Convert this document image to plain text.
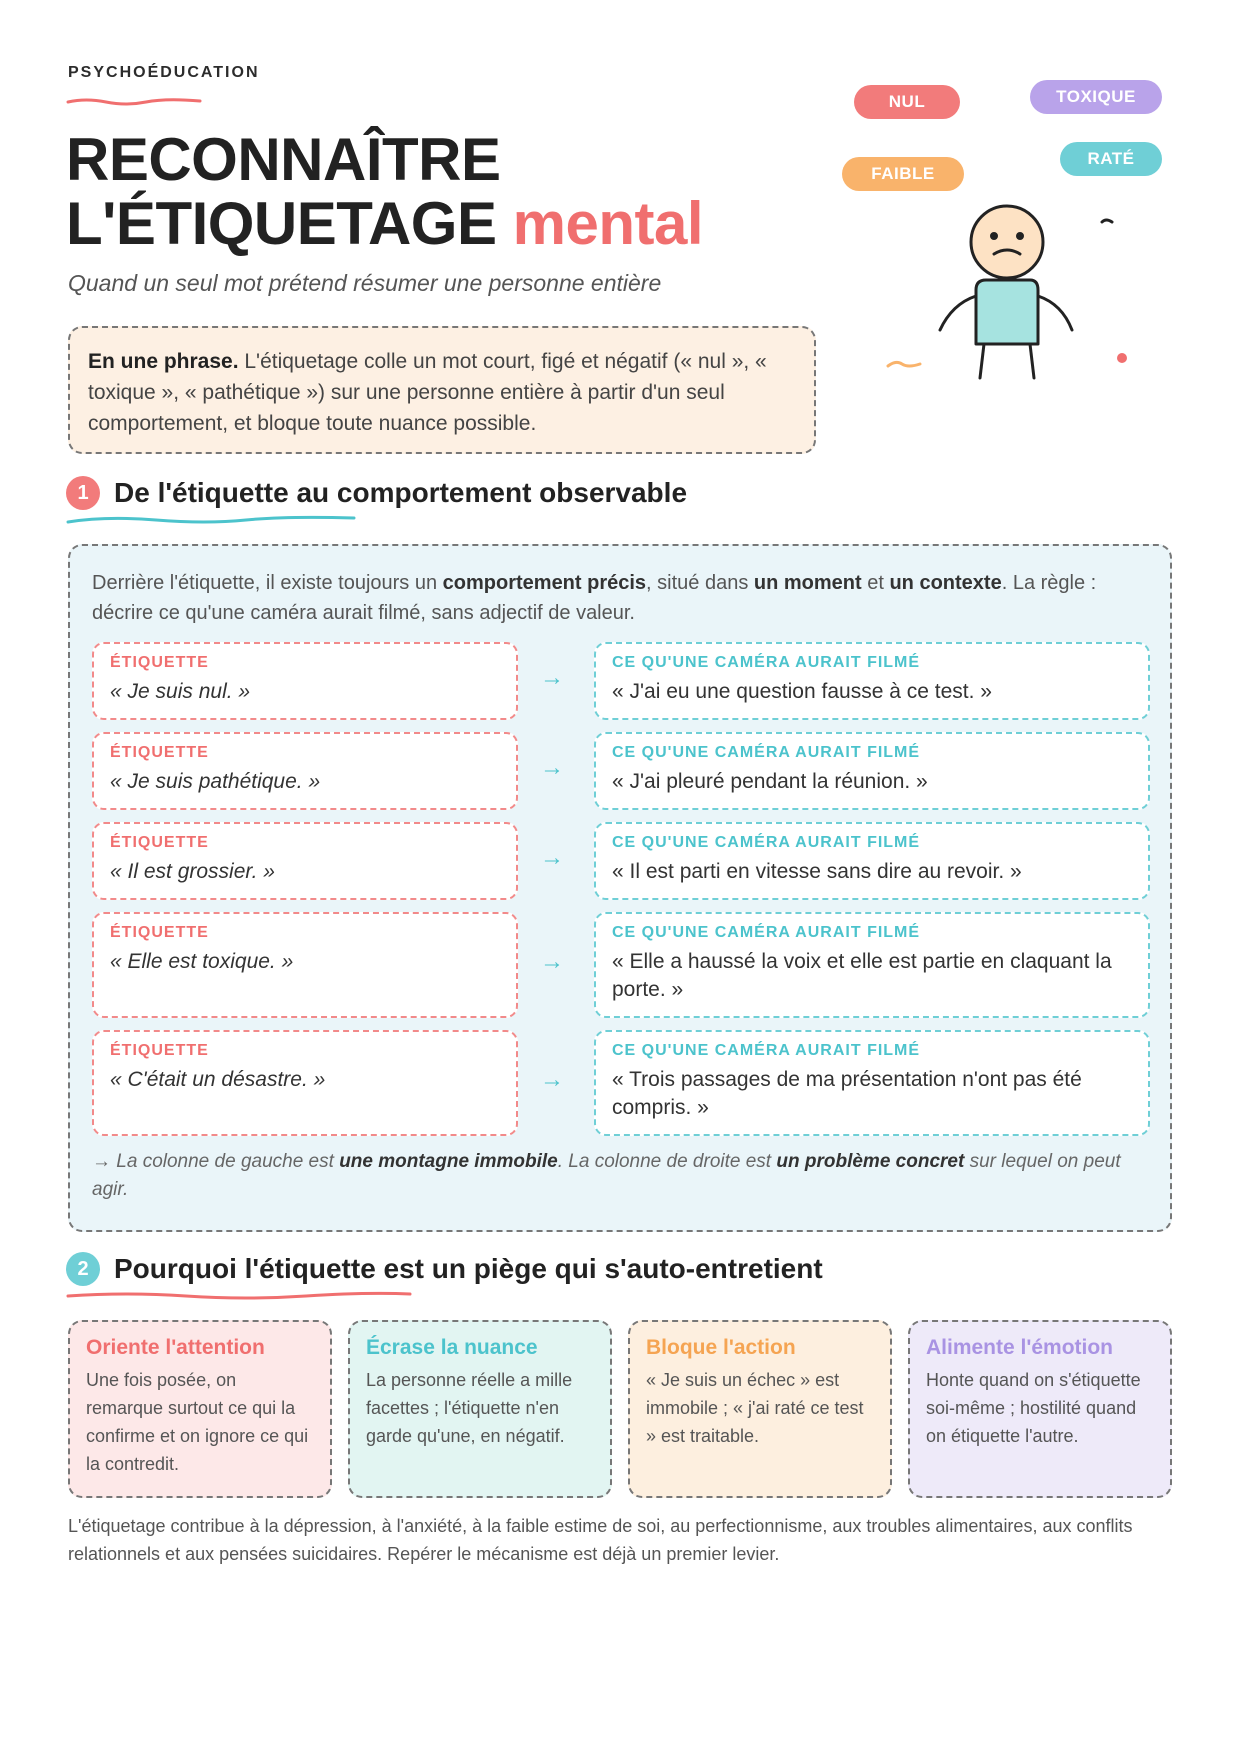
PSYCHOÉDUCATION
RECONNAÎTRE
L'ÉTIQUETAGE mental
Quand un seul mot prétend résumer une personne entière
En une phrase. L'étiquetage colle un mot court, figé et négatif (« nul », « toxique », « pathétique ») sur une personne entière à partir d'un seul comportement, et bloque toute nuance possible.
NUL	TOXIQUE
FAIBLE
RATÉ
1 De l'étiquette au comportement observable
Derrière l'étiquette, il existe toujours un comportement précis, situé dans un moment et un contexte. La règle : décrire ce qu'une caméra aurait filmé, sans adjectif de valeur.
ÉTIQUETTE
« Je suis nul. »
→
CE QU'UNE CAMÉRA AURAIT FILMÉ
« J'ai eu une question fausse à ce test. »
ÉTIQUETTE
« Je suis pathétique. »
→
CE QU'UNE CAMÉRA AURAIT FILMÉ
« J'ai pleuré pendant la réunion. »
ÉTIQUETTE
« Il est grossier. »
→
CE QU'UNE CAMÉRA AURAIT FILMÉ
« Il est parti en vitesse sans dire au revoir. »
ÉTIQUETTE
« Elle est toxique. »	→
CE QU'UNE CAMÉRA AURAIT FILMÉ
« Elle a haussé la voix et elle est partie en claquant la porte. »
ÉTIQUETTE
« C'était un désastre. »	→
CE QU'UNE CAMÉRA AURAIT FILMÉ
« Trois passages de ma présentation n'ont pas été compris. »
→ La colonne de gauche est une montagne immobile. La colonne de droite est un problème concret sur lequel on peut agir.
2 Pourquoi l'étiquette est un piège qui s'auto-entretient
Oriente l'attention
Une fois posée, on remarque surtout ce qui la confirme et on ignore ce qui la contredit.
Écrase la nuance
La personne réelle a mille facettes ; l'étiquette n'en garde qu'une, en négatif.
Bloque l'action
« Je suis un échec » est immobile ; « j'ai raté ce test » est traitable.
Alimente l'émotion
Honte quand on s'étiquette soi-même ; hostilité quand on étiquette l'autre.
L'étiquetage contribue à la dépression, à l'anxiété, à la faible estime de soi, au perfectionnisme, aux troubles alimentaires, aux conflits relationnels et aux pensées suicidaires. Repérer le mécanisme est déjà un premier levier.
